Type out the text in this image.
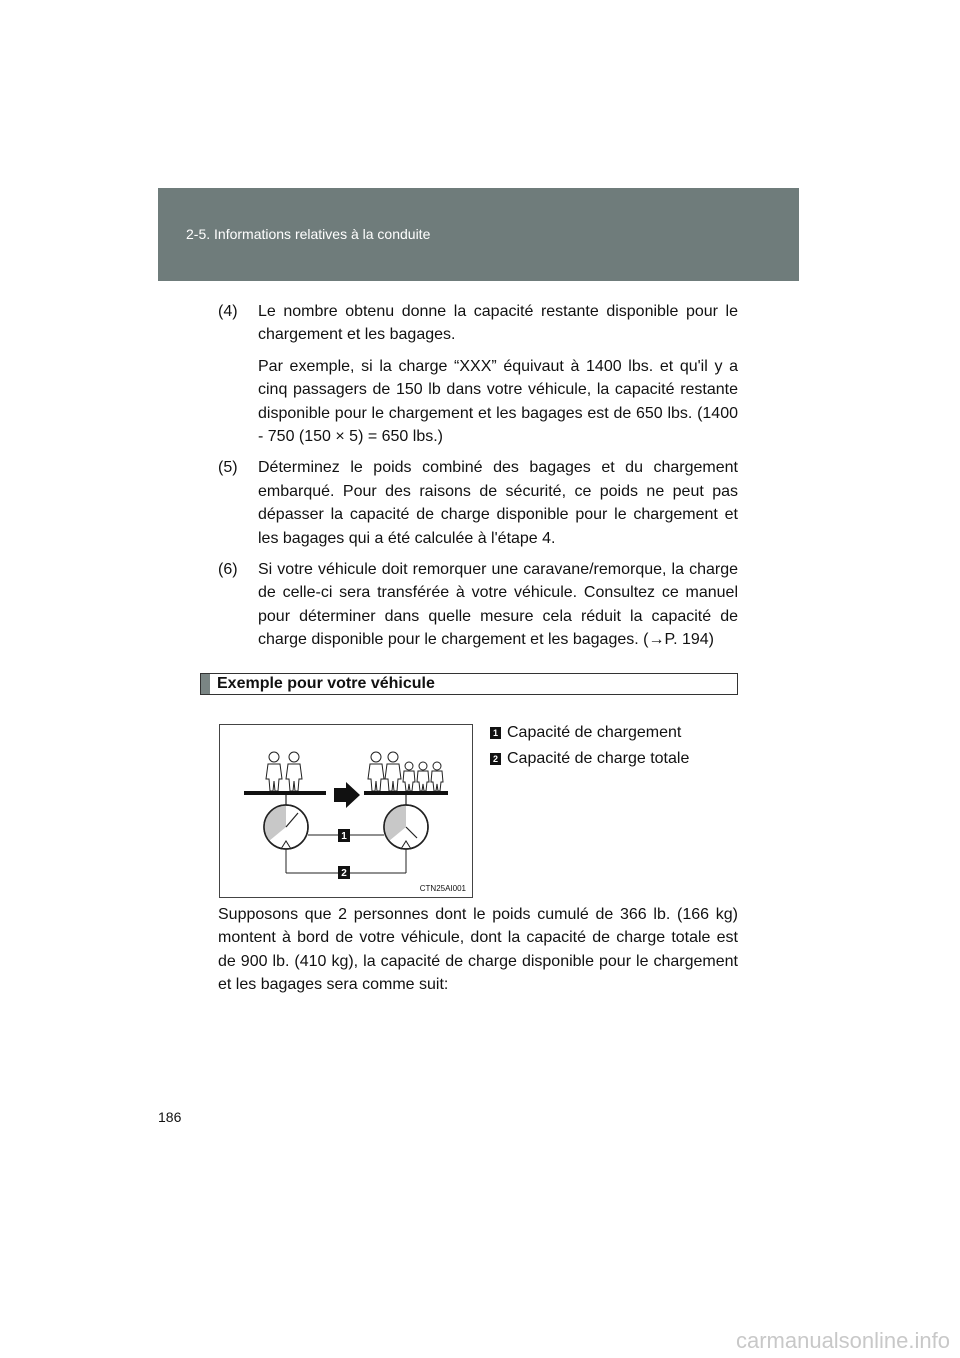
2-5. Informations relatives à la conduite
(4) Le nombre obtenu donne la capacité restante disponible pour le chargement et les bagages.

Par exemple, si la charge “XXX” équivaut à 1400 lbs. et qu'il y a cinq passagers de 150 lb dans votre véhicule, la capacité restante disponible pour le chargement et les bagages est de 650 lbs. (1400 - 750 (150 × 5) = 650 lbs.)

(5) Déterminez le poids combiné des bagages et du chargement embarqué. Pour des raisons de sécurité, ce poids ne peut pas dépasser la capacité de charge disponible pour le chargement et les bagages qui a été calculée à l'étape 4.

(6) Si votre véhicule doit remorquer une caravane/remorque, la charge de celle-ci sera transférée à votre véhicule. Consultez ce manuel pour déterminer dans quelle mesure cela réduit la capacité de charge disponible pour le chargement et les bagages. (→P. 194)

Exemple pour votre véhicule
1
2
CTN25AI001
1 Capacité de chargement
2 Capacité de charge totale

Supposons que 2 personnes dont le poids cumulé de 366 lb. (166 kg) montent à bord de votre véhicule, dont la capacité de charge totale est de 900 lb. (410 kg), la capacité de charge disponible pour le chargement et les bagages sera comme suit:

186
carmanualsonline.info
